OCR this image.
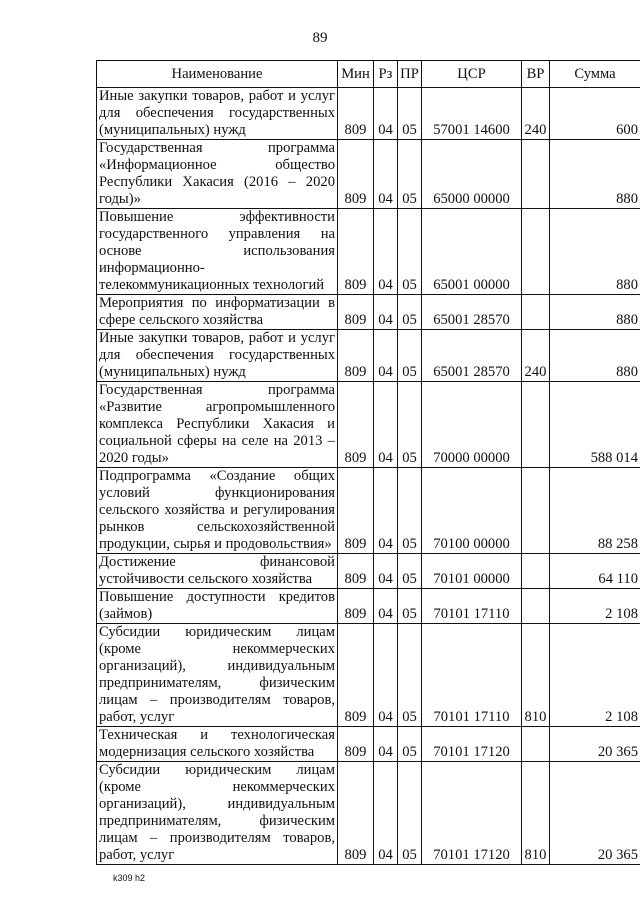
89
Наименование	Мин	Рз	ПР	ЦСР	ВР	Сумма
Иные закупки товаров, работ и услуг для обеспечения государственных (муниципальных) нужд	809	04	05	57001 14600	240	600
Государственная программа «Информационное общество Республики Хакасия (2016 – 2020 годы)»	809	04	05	65000 00000		880
Повышение эффективности государственного управления на основе использования информационно-телекоммуникационных технологий	809	04	05	65001 00000		880
Мероприятия по информатизации в сфере сельского хозяйства	809	04	05	65001 28570		880
Иные закупки товаров, работ и услуг для обеспечения государственных (муниципальных) нужд	809	04	05	65001 28570	240	880
Государственная программа «Развитие агропромышленного комплекса Республики Хакасия и социальной сферы на селе на 2013 – 2020 годы»	809	04	05	70000 00000		588 014
Подпрограмма «Создание общих условий функционирования сельского хозяйства и регулирования рынков сельскохозяйственной продукции, сырья и продовольствия»	809	04	05	70100 00000		88 258
Достижение финансовой устойчивости сельского хозяйства	809	04	05	70101 00000		64 110
Повышение доступности кредитов (займов)	809	04	05	70101 17110		2 108
Субсидии юридическим лицам (кроме некоммерческих организаций), индивидуальным предпринимателям, физическим лицам – производителям товаров, работ, услуг	809	04	05	70101 17110	810	2 108
Техническая и технологическая модернизация сельского хозяйства	809	04	05	70101 17120		20 365
Субсидии юридическим лицам (кроме некоммерческих организаций), индивидуальным предпринимателям, физическим лицам – производителям товаров, работ, услуг	809	04	05	70101 17120	810	20 365
k309 h2
